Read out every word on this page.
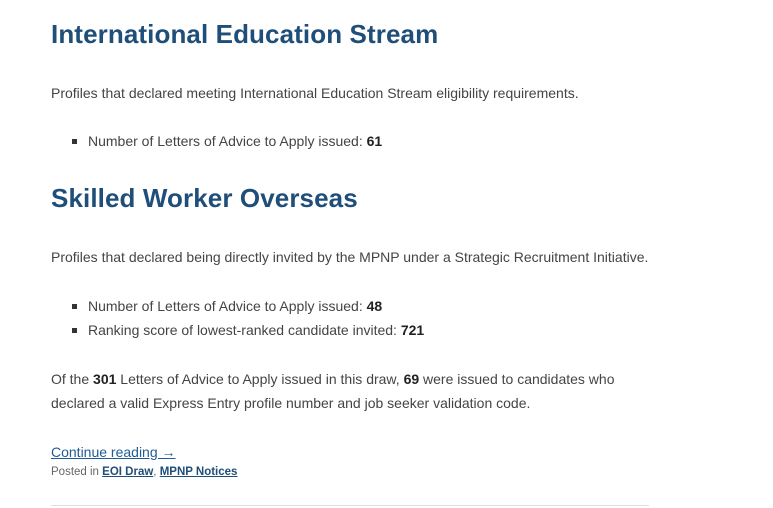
International Education Stream

Profiles that declared meeting International Education Stream eligibility requirements.

Number of Letters of Advice to Apply issued: 61
Skilled Worker Overseas

Profiles that declared being directly invited by the MPNP under a Strategic Recruitment Initiative.

Number of Letters of Advice to Apply issued: 48
Ranking score of lowest-ranked candidate invited: 721

Of the 301 Letters of Advice to Apply issued in this draw, 69 were issued to candidates who declared a valid Express Entry profile number and job seeker validation code.

Continue reading →
Posted in EOI Draw, MPNP Notices
